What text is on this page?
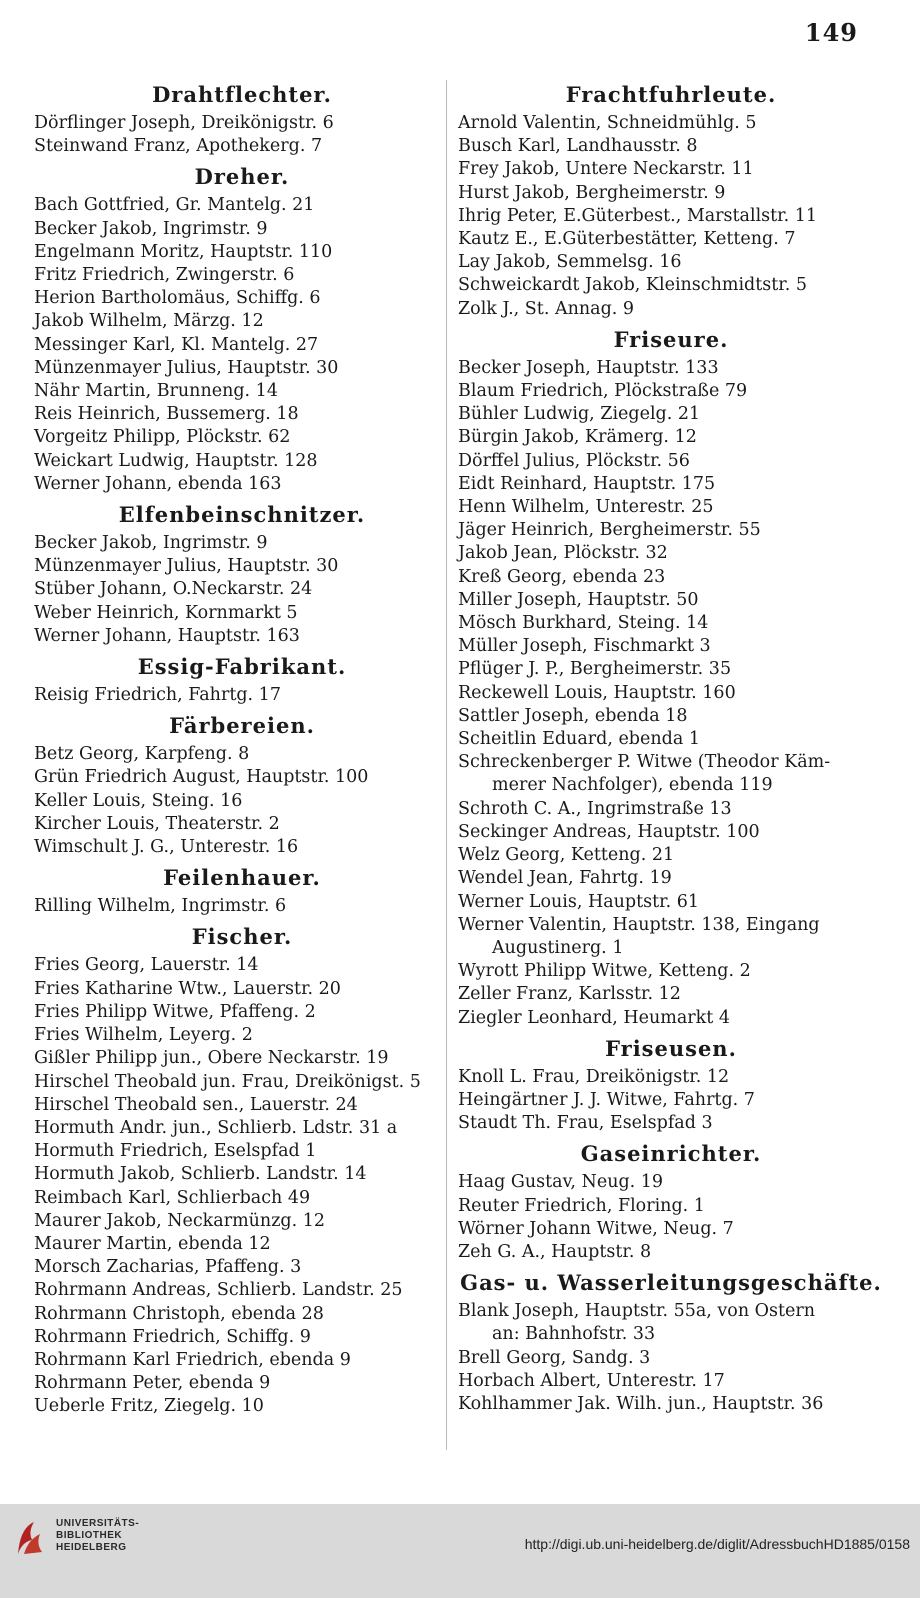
149
Drahtflechter.
Dörflinger Joseph, Dreikönigstr. 6
Steinwand Franz, Apothekerg. 7
Dreher.
Bach Gottfried, Gr. Mantelg. 21
Becker Jakob, Ingrimstr. 9
Engelmann Moritz, Hauptstr. 110
Fritz Friedrich, Zwingerstr. 6
Herion Bartholomäus, Schiffg. 6
Jakob Wilhelm, Märzg. 12
Messinger Karl, Kl. Mantelg. 27
Münzenmayer Julius, Hauptstr. 30
Nähr Martin, Brunneng. 14
Reis Heinrich, Bussemerg. 18
Vorgeitz Philipp, Plöckstr. 62
Weickart Ludwig, Hauptstr. 128
Werner Johann, ebenda 163
Elfenbeinschnitzer.
Becker Jakob, Ingrimstr. 9
Münzenmayer Julius, Hauptstr. 30
Stüber Johann, O.Neckarstr. 24
Weber Heinrich, Kornmarkt 5
Werner Johann, Hauptstr. 163
Essig-Fabrikant.
Reisig Friedrich, Fahrtg. 17
Färbereien.
Betz Georg, Karpfeng. 8
Grün Friedrich August, Hauptstr. 100
Keller Louis, Steing. 16
Kircher Louis, Theaterstr. 2
Wimschult J. G., Unterestr. 16
Feilenhauer.
Rilling Wilhelm, Ingrimstr. 6
Fischer.
Fries Georg, Lauerstr. 14
Fries Katharine Wtw., Lauerstr. 20
Fries Philipp Witwe, Pfaffeng. 2
Fries Wilhelm, Leyerg. 2
Gißler Philipp jun., Obere Neckarstr. 19
Hirschel Theobald jun. Frau, Dreikönigst. 5
Hirschel Theobald sen., Lauerstr. 24
Hormuth Andr. jun., Schlierb. Ldstr. 31 a
Hormuth Friedrich, Eselspfad 1
Hormuth Jakob, Schlierb. Landstr. 14
Reimbach Karl, Schlierbach 49
Maurer Jakob, Neckarmünzg. 12
Maurer Martin, ebenda 12
Morsch Zacharias, Pfaffeng. 3
Rohrmann Andreas, Schlierb. Landstr. 25
Rohrmann Christoph, ebenda 28
Rohrmann Friedrich, Schiffg. 9
Rohrmann Karl Friedrich, ebenda 9
Rohrmann Peter, ebenda 9
Ueberle Fritz, Ziegelg. 10
Frachtfuhrleute.
Arnold Valentin, Schneidmühlg. 5
Busch Karl, Landhausstr. 8
Frey Jakob, Untere Neckarstr. 11
Hurst Jakob, Bergheimerstr. 9
Ihrig Peter, E.Güterbest., Marstallstr. 11
Kautz E., E.Güterbestätter, Ketteng. 7
Lay Jakob, Semmelsg. 16
Schweickardt Jakob, Kleinschmidtstr. 5
Zolk J., St. Annag. 9
Friseure.
Becker Joseph, Hauptstr. 133
Blaum Friedrich, Plöckstraße 79
Bühler Ludwig, Ziegelg. 21
Bürgin Jakob, Krämerg. 12
Dörffel Julius, Plöckstr. 56
Eidt Reinhard, Hauptstr. 175
Henn Wilhelm, Unterestr. 25
Jäger Heinrich, Bergheimerstr. 55
Jakob Jean, Plöckstr. 32
Kreß Georg, ebenda 23
Miller Joseph, Hauptstr. 50
Mösch Burkhard, Steing. 14
Müller Joseph, Fischmarkt 3
Pflüger J. P., Bergheimerstr. 35
Reckewell Louis, Hauptstr. 160
Sattler Joseph, ebenda 18
Scheitlin Eduard, ebenda 1
Schreckenberger P. Witwe (Theodor Käm-
merer Nachfolger), ebenda 119
Schroth C. A., Ingrimstraße 13
Seckinger Andreas, Hauptstr. 100
Welz Georg, Ketteng. 21
Wendel Jean, Fahrtg. 19
Werner Louis, Hauptstr. 61
Werner Valentin, Hauptstr. 138, Eingang
Augustinerg. 1
Wyrott Philipp Witwe, Ketteng. 2
Zeller Franz, Karlsstr. 12
Ziegler Leonhard, Heumarkt 4
Friseusen.
Knoll L. Frau, Dreikönigstr. 12
Heingärtner J. J. Witwe, Fahrtg. 7
Staudt Th. Frau, Eselspfad 3
Gaseinrichter.
Haag Gustav, Neug. 19
Reuter Friedrich, Floring. 1
Wörner Johann Witwe, Neug. 7
Zeh G. A., Hauptstr. 8
Gas- u. Wasserleitungsgeschäfte.
Blank Joseph, Hauptstr. 55a, von Ostern
an: Bahnhofstr. 33
Brell Georg, Sandg. 3
Horbach Albert, Unterestr. 17
Kohlhammer Jak. Wilh. jun., Hauptstr. 36
UNIVERSITÄTS-
BIBLIOTHEK
HEIDELBERG	http://digi.ub.uni-heidelberg.de/diglit/AdressbuchHD1885/0158
